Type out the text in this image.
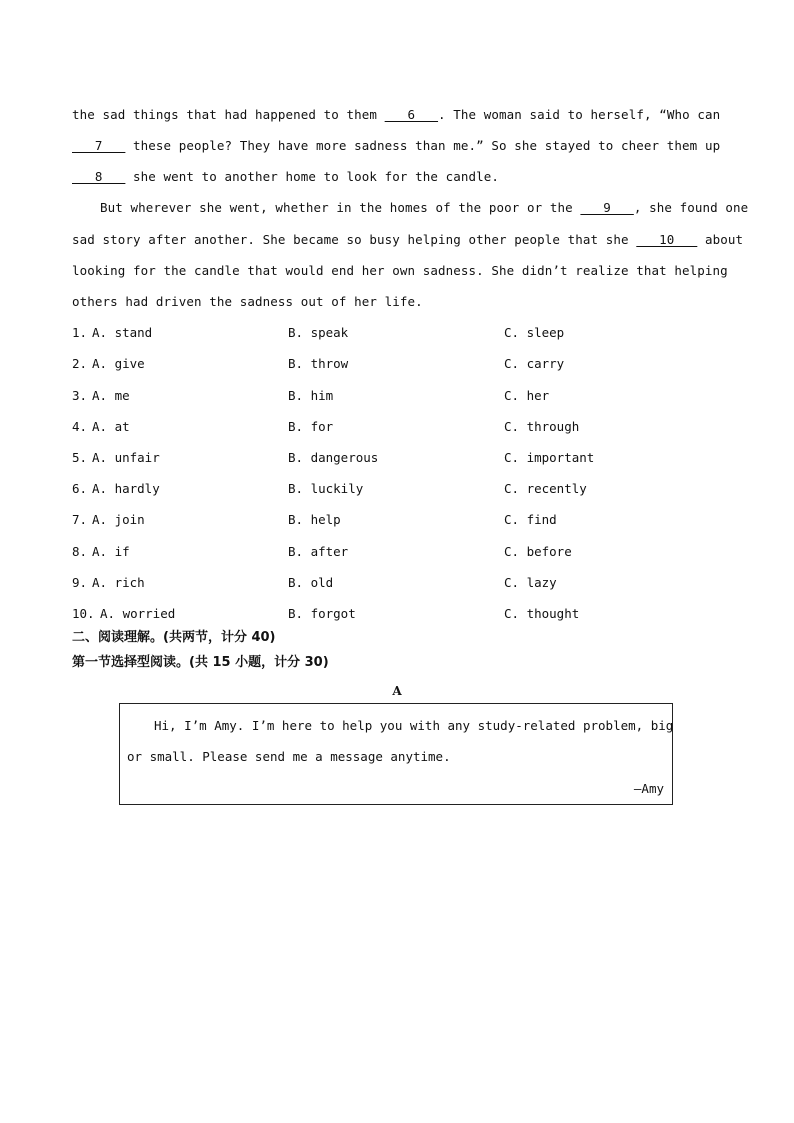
the sad things that had happened to them    6   . The woman said to herself, “Who can
7    these people? They have more sadness than me.” So she stayed to cheer them up
8    she went to another home to look for the candle.
But wherever she went, whether in the homes of the poor or the    9   , she found one
sad story after another. She became so busy helping other people that she    10    about
looking for the candle that would end her own sadness. She didn’t realize that helping
others had driven the sadness out of her life.
1. A. stand	B. speak	C. sleep
2. A. give	B. throw	C. carry
3. A. me	B. him	C. her
4. A. at	B. for	C. through
5. A. unfair	B. dangerous	C. important
6. A. hardly	B. luckily	C. recently
7. A. join	B. help	C. find
8. A. if	B. after	C. before
9. A. rich	B. old	C. lazy
10. A. worried	B. forgot	C. thought
二、阅读理解。(共两节，计分 40)
第一节选择型阅读。(共 15 小题，计分 30)
A
Hi, I’m Amy. I’m here to help you with any study-related problem, big
or small. Please send me a message anytime.
—Amy
